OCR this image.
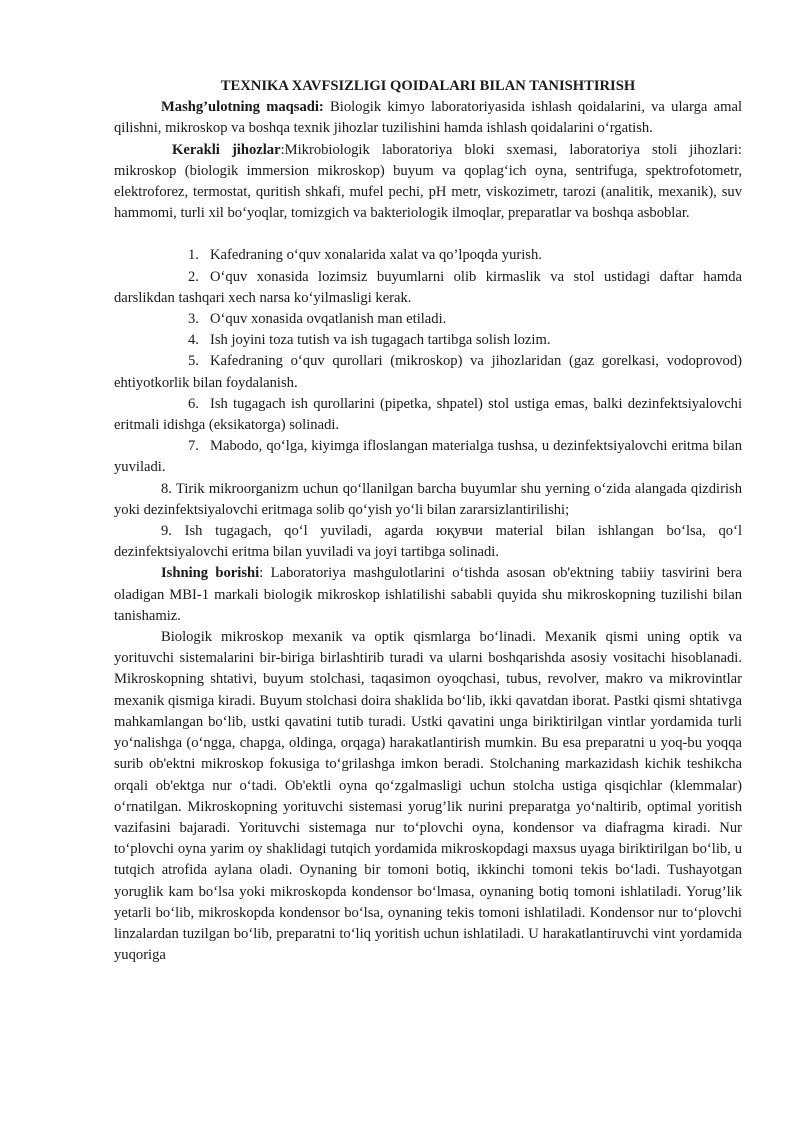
TEXNIKA XAVFSIZLIGI QOIDALARI BILAN TANISHTIRISH

Mashg’ulotning maqsadi: Biologik kimyo laboratoriyasida ishlash qoidalarini, va ularga amal qilishni, mikroskop va boshqa texnik jihozlar tuzilishini hamda ishlash qoidalarini oʻrgatish.

Kerakli jihozlar:Mikrobiologik laboratoriya bloki sxemasi, laboratoriya stoli jihozlari: mikroskop (biologik immersion mikroskop) buyum va qoplagʻich oyna, sentrifuga, spektrofotometr, elektroforez, termostat, quritish shkafi, mufel pechi, pH metr, viskozimetr, tarozi (analitik, mexanik), suv hammomi, turli xil boʻyoqlar, tomizgich va bakteriologik ilmoqlar, preparatlar va boshqa asboblar.

1. Kafedraning oʻquv xonalarida xalat va qo’lpoqda yurish.

2. Oʻquv xonasida lozimsiz buyumlarni olib kirmaslik va stol ustidagi daftar hamda darslikdan tashqari xech narsa koʻyilmasligi kerak.

3. Oʻquv xonasida ovqatlanish man etiladi.

4. Ish joyini toza tutish va ish tugagach tartibga solish lozim.

5. Kafedraning oʻquv qurollari (mikroskop) va jihozlaridan (gaz gorelkasi, vodoprovod) ehtiyotkorlik bilan foydalanish.

6. Ish tugagach ish qurollarini (pipetka, shpatel) stol ustiga emas, balki dezinfektsiyalovchi eritmali idishga (eksikatorga) solinadi.

7. Mabodo, qoʻlga, kiyimga ifloslangan materialga tushsa, u dezinfektsiyalovchi eritma bilan yuviladi.

8. Tirik mikroorganizm uchun qoʻllanilgan barcha buyumlar shu yerning oʻzida alangada qizdirish yoki dezinfektsiyalovchi eritmaga solib qoʻyish yoʻli bilan zararsizlantirilishi;

9. Ish tugagach, qoʻl yuviladi, agarda юқувчи material bilan ishlangan boʻlsa, qoʻl dezinfektsiyalovchi eritma bilan yuviladi va joyi tartibga solinadi.

Ishning borishi: Laboratoriya mashgulotlarini oʻtishda asosan ob'ektning tabiiy tasvirini bera oladigan MBI-1 markali biologik mikroskop ishlatilishi sababli quyida shu mikroskopning tuzilishi bilan tanishamiz.

Biologik mikroskop mexanik va optik qismlarga boʻlinadi. Mexanik qismi uning optik va yorituvchi sistemalarini bir-biriga birlashtirib turadi va ularni boshqarishda asosiy vositachi hisoblanadi. Mikroskopning shtativi, buyum stolchasi, taqasimon oyoqchasi, tubus, revolver, makro va mikrovintlar mexanik qismiga kiradi. Buyum stolchasi doira shaklida boʻlib, ikki qavatdan iborat. Pastki qismi shtativga mahkamlangan boʻlib, ustki qavatini tutib turadi. Ustki qavatini unga biriktirilgan vintlar yordamida turli yoʻnalishga (oʻngga, chapga, oldinga, orqaga) harakatlantirish mumkin. Bu esa preparatni u yoq-bu yoqqa surib ob'ektni mikroskop fokusiga toʻgrilashga imkon beradi. Stolchaning markazidash kichik teshikcha orqali ob'ektga nur oʻtadi. Ob'ektli oyna qoʻzgalmasligi uchun stolcha ustiga qisqichlar (klemmalar) oʻrnatilgan. Mikroskopning yorituvchi sistemasi yorug’lik nurini preparatga yoʻnaltirib, optimal yoritish vazifasini bajaradi. Yorituvchi sistemaga nur toʻplovchi oyna, kondensor va diafragma kiradi. Nur toʻplovchi oyna yarim oy shaklidagi tutqich yordamida mikroskopdagi maxsus uyaga biriktirilgan boʻlib, u tutqich atrofida aylana oladi. Oynaning bir tomoni botiq, ikkinchi tomoni tekis boʻladi. Tushayotgan yoruglik kam boʻlsa yoki mikroskopda kondensor boʻlmasa, oynaning botiq tomoni ishlatiladi. Yorug’lik yetarli boʻlib, mikroskopda kondensor boʻlsa, oynaning tekis tomoni ishlatiladi. Kondensor nur toʻplovchi linzalardan tuzilgan boʻlib, preparatni toʻliq yoritish uchun ishlatiladi. U harakatlantiruvchi vint yordamida yuqoriga
